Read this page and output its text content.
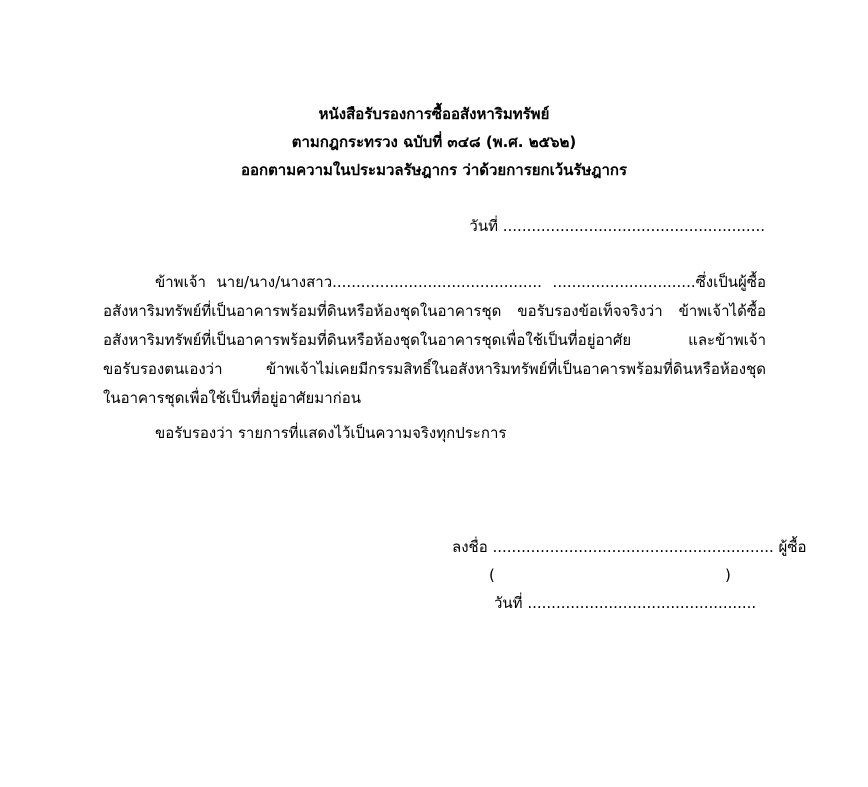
หนังสือรับรองการซื้ออสังหาริมทรัพย์
ตามกฎกระทรวง ฉบับที่ ๓๔๘ (พ.ศ. ๒๕๖๒)
ออกตามความในประมวลรัษฎากร ว่าด้วยการยกเว้นรัษฎากร
วันที่ .......................................................
ข้าพเจ้า นาย/นาง/นางสาว............................................ ..............................ซึ่งเป็นผู้ซื้อ
อสังหาริมทรัพย์ที่เป็นอาคารพร้อมที่ดินหรือห้องชุดในอาคารชุด ขอรับรองข้อเท็จจริงว่า ข้าพเจ้าได้ซื้อ
อสังหาริมทรัพย์ที่เป็นอาคารพร้อมที่ดินหรือห้องชุดในอาคารชุดเพื่อใช้เป็นที่อยู่อาศัย และข้าพเจ้า
ขอรับรองตนเองว่า ข้าพเจ้าไม่เคยมีกรรมสิทธิ์ในอสังหาริมทรัพย์ที่เป็นอาคารพร้อมที่ดินหรือห้องชุด
ในอาคารชุดเพื่อใช้เป็นที่อยู่อาศัยมาก่อน
ขอรับรองว่า รายการที่แสดงไว้เป็นความจริงทุกประการ
ลงชื่อ ........................................................... ผู้ซื้อ
(	)
วันที่ ................................................
